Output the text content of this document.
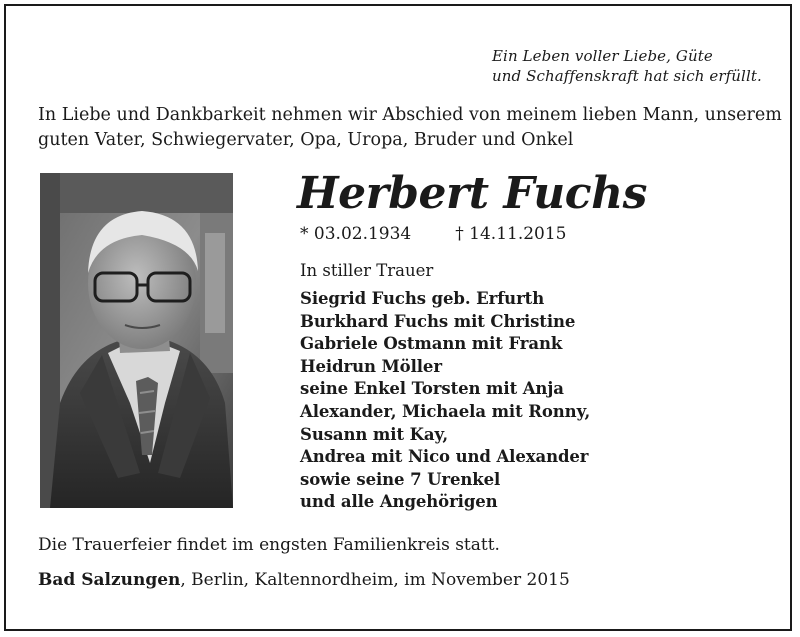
Ein Leben voller Liebe, Güte
und Schaffenskraft hat sich erfüllt.
In Liebe und Dankbarkeit nehmen wir Abschied von meinem lieben Mann, unserem
guten Vater, Schwiegervater, Opa, Uropa, Bruder und Onkel
Herbert Fuchs
* 03.02.1934	† 14.11.2015
In stiller Trauer
Siegrid Fuchs geb. Erfurth
Burkhard Fuchs mit Christine
Gabriele Ostmann mit Frank
Heidrun Möller
seine Enkel Torsten mit Anja
Alexander, Michaela mit Ronny,
Susann mit Kay,
Andrea mit Nico und Alexander
sowie seine 7 Urenkel
und alle Angehörigen
Die Trauerfeier findet im engsten Familienkreis statt.
Bad Salzungen, Berlin, Kaltennordheim, im November 2015
